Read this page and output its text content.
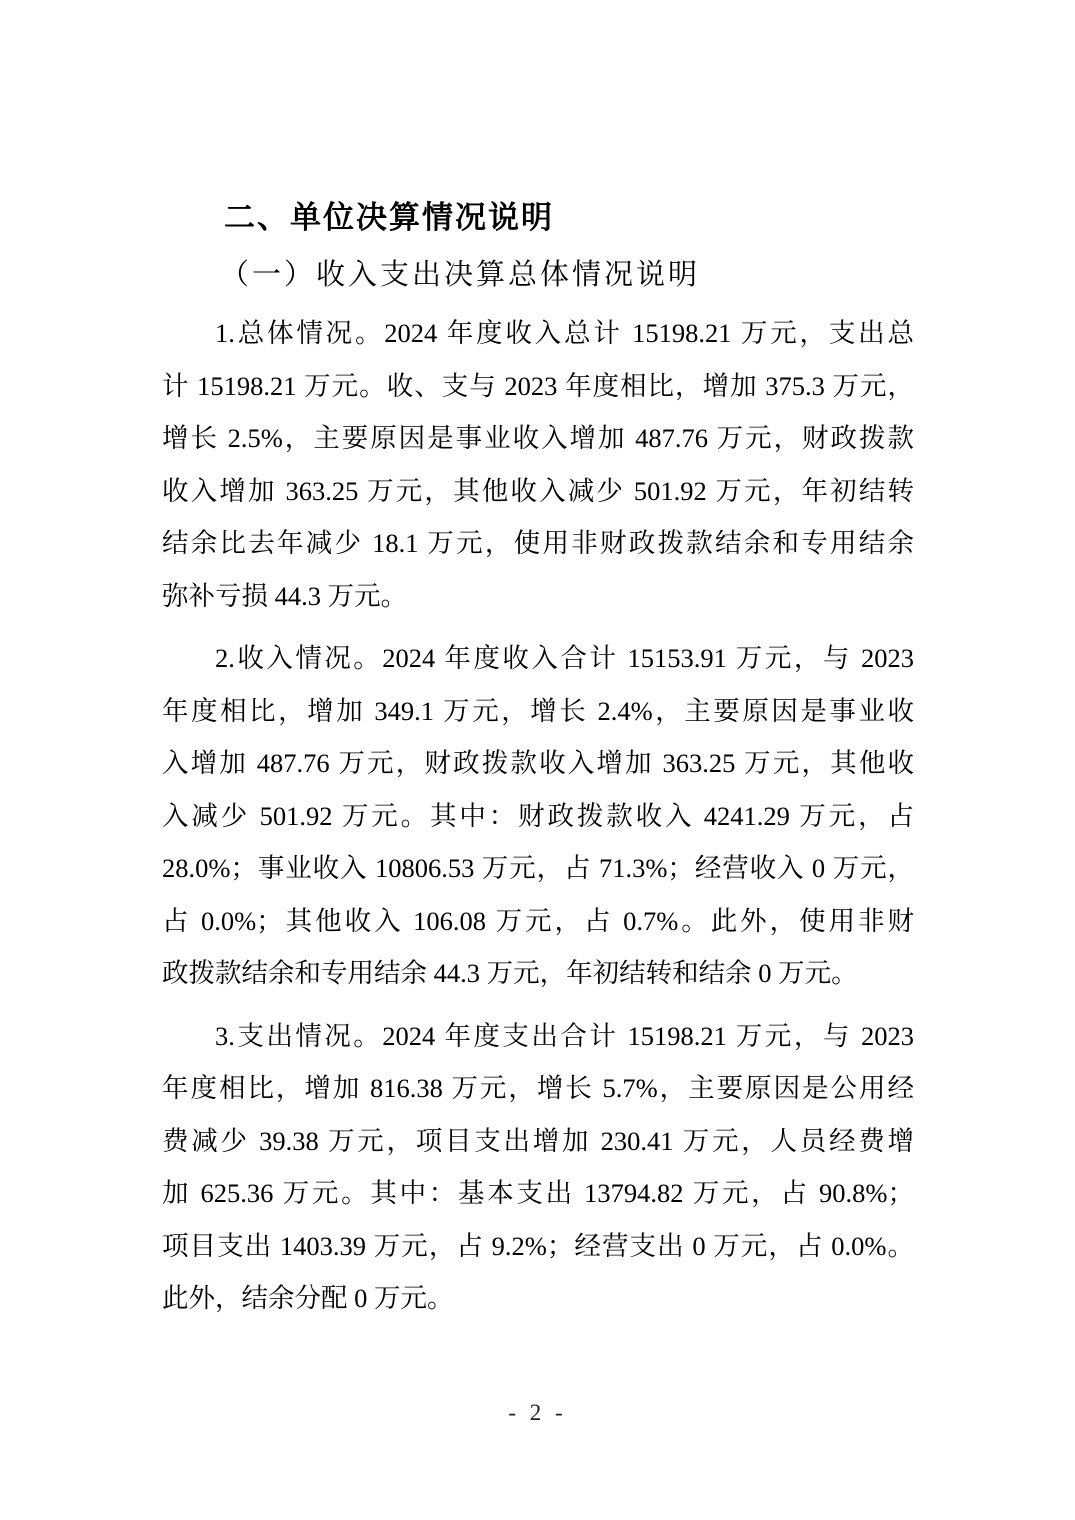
二、单位决算情况说明
（一）收入支出决算总体情况说明
1.总体情况。2024 年度收入总计 15198.21 万元，支出总
计 15198.21 万元。收、支与 2023 年度相比，增加 375.3 万元，
增长 2.5%，主要原因是事业收入增加 487.76 万元，财政拨款
收入增加 363.25 万元，其他收入减少 501.92 万元，年初结转
结余比去年减少 18.1 万元，使用非财政拨款结余和专用结余
弥补亏损 44.3 万元。
2.收入情况。2024 年度收入合计 15153.91 万元，与 2023
年度相比，增加 349.1 万元，增长 2.4%，主要原因是事业收
入增加 487.76 万元，财政拨款收入增加 363.25 万元，其他收
入减少 501.92 万元。其中：财政拨款收入 4241.29 万元，占
28.0%；事业收入 10806.53 万元，占 71.3%；经营收入 0 万元，
占 0.0%；其他收入 106.08 万元，占 0.7%。此外，使用非财
政拨款结余和专用结余 44.3 万元，年初结转和结余 0 万元。
3.支出情况。2024 年度支出合计 15198.21 万元，与 2023
年度相比，增加 816.38 万元，增长 5.7%，主要原因是公用经
费减少 39.38 万元，项目支出增加 230.41 万元，人员经费增
加 625.36 万元。其中：基本支出 13794.82 万元，占 90.8%；
项目支出 1403.39 万元，占 9.2%；经营支出 0 万元，占 0.0%。
此外，结余分配 0 万元。
- 2 -
